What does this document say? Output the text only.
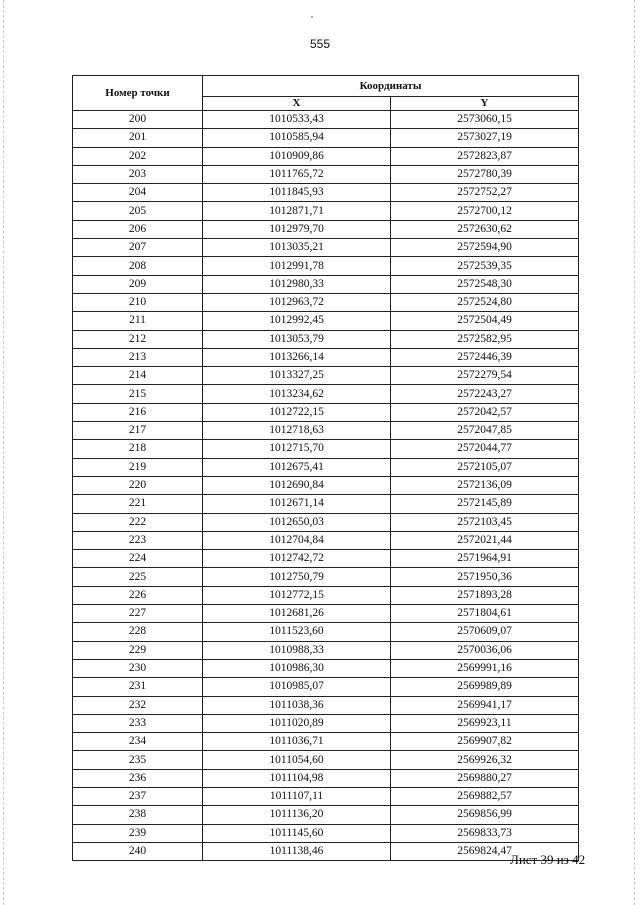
555
Номер точки	Координаты	
	X	Y
200	1010533,43	2573060,15
201	1010585,94	2573027,19
202	1010909,86	2572823,87
203	1011765,72	2572780,39
204	1011845,93	2572752,27
205	1012871,71	2572700,12
206	1012979,70	2572630,62
207	1013035,21	2572594,90
208	1012991,78	2572539,35
209	1012980,33	2572548,30
210	1012963,72	2572524,80
211	1012992,45	2572504,49
212	1013053,79	2572582,95
213	1013266,14	2572446,39
214	1013327,25	2572279,54
215	1013234,62	2572243,27
216	1012722,15	2572042,57
217	1012718,63	2572047,85
218	1012715,70	2572044,77
219	1012675,41	2572105,07
220	1012690,84	2572136,09
221	1012671,14	2572145,89
222	1012650,03	2572103,45
223	1012704,84	2572021,44
224	1012742,72	2571964,91
225	1012750,79	2571950,36
226	1012772,15	2571893,28
227	1012681,26	2571804,61
228	1011523,60	2570609,07
229	1010988,33	2570036,06
230	1010986,30	2569991,16
231	1010985,07	2569989,89
232	1011038,36	2569941,17
233	1011020,89	2569923,11
234	1011036,71	2569907,82
235	1011054,60	2569926,32
236	1011104,98	2569880,27
237	1011107,11	2569882,57
238	1011136,20	2569856,99
239	1011145,60	2569833,73
240	1011138,46	2569824,47
Лист 39 из 42
